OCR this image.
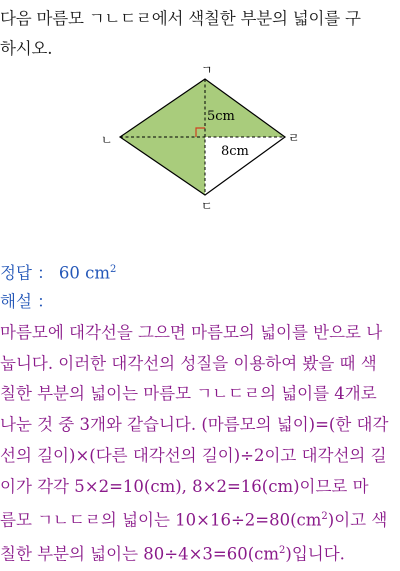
다음 마름모 ㄱㄴㄷㄹ에서 색칠한 부분의 넓이를 구
하시오.
ㄱ
ㄴ
ㄷ
ㄹ
5cm
8cm
정답 ： 60 $cm^2$
해설 ：
마름모에 대각선을 그으면 마름모의 넓이를 반으로 나
눕니다. 이러한 대각선의 성질을 이용하여 봤을 때 색
칠한 부분의 넓이는 마름모 ㄱㄴㄷㄹ의 넓이를 4개로
나눈 것 중 3개와 같습니다. (마름모의 넓이)=(한 대각
선의 길이)×(다른 대각선의 길이)÷2이고 대각선의 길
이가 각각 5×2=10(cm), 8×2=16(cm)이므로 마
름모 ㄱㄴㄷㄹ의 넓이는 $10\times 16\div 2=80(cm^2)$이고 색
칠한 부분의 넓이는 $80\div 4\times 3=60(cm^2)$입니다.
